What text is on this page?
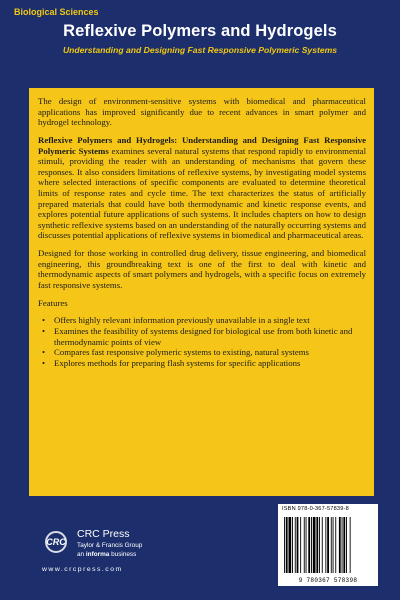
Biological Sciences
Reflexive Polymers and Hydrogels
Understanding and Designing Fast Responsive Polymeric Systems

The design of environment-sensitive systems with biomedical and pharmaceutical applications has improved significantly due to recent advances in smart polymer and hydrogel technology.

Reflexive Polymers and Hydrogels: Understanding and Designing Fast Responsive Polymeric Systems examines several natural systems that respond rapidly to environmental stimuli, providing the reader with an understanding of mechanisms that govern these responses. It also considers limitations of reflexive systems, by investigating model systems where selected interactions of specific components are evaluated to determine theoretical limits of response rates and cycle time. The text characterizes the status of artificially prepared materials that could have both thermodynamic and kinetic response events, and explores potential future applications of such systems. It includes chapters on how to design synthetic reflexive systems based on an understanding of the naturally occurring systems and discusses potential applications of reflexive systems in biomedical and pharmaceutical areas.

Designed for those working in controlled drug delivery, tissue engineering, and biomedical engineering, this groundbreaking text is one of the first to deal with kinetic and thermodynamic aspects of smart polymers and hydrogels, with a specific focus on extremely fast responsive systems.

Features

• Offers highly relevant information previously unavailable in a single text
• Examines the feasibility of systems designed for biological use from both kinetic and thermodynamic points of view
• Compares fast responsive polymeric systems to existing, natural systems
• Explores methods for preparing flash systems for specific applications
CRC
CRC Press
Taylor & Francis Group
an informa business
www.crcpress.com
ISBN 978-0-367-57839-8
9 780367 578398
